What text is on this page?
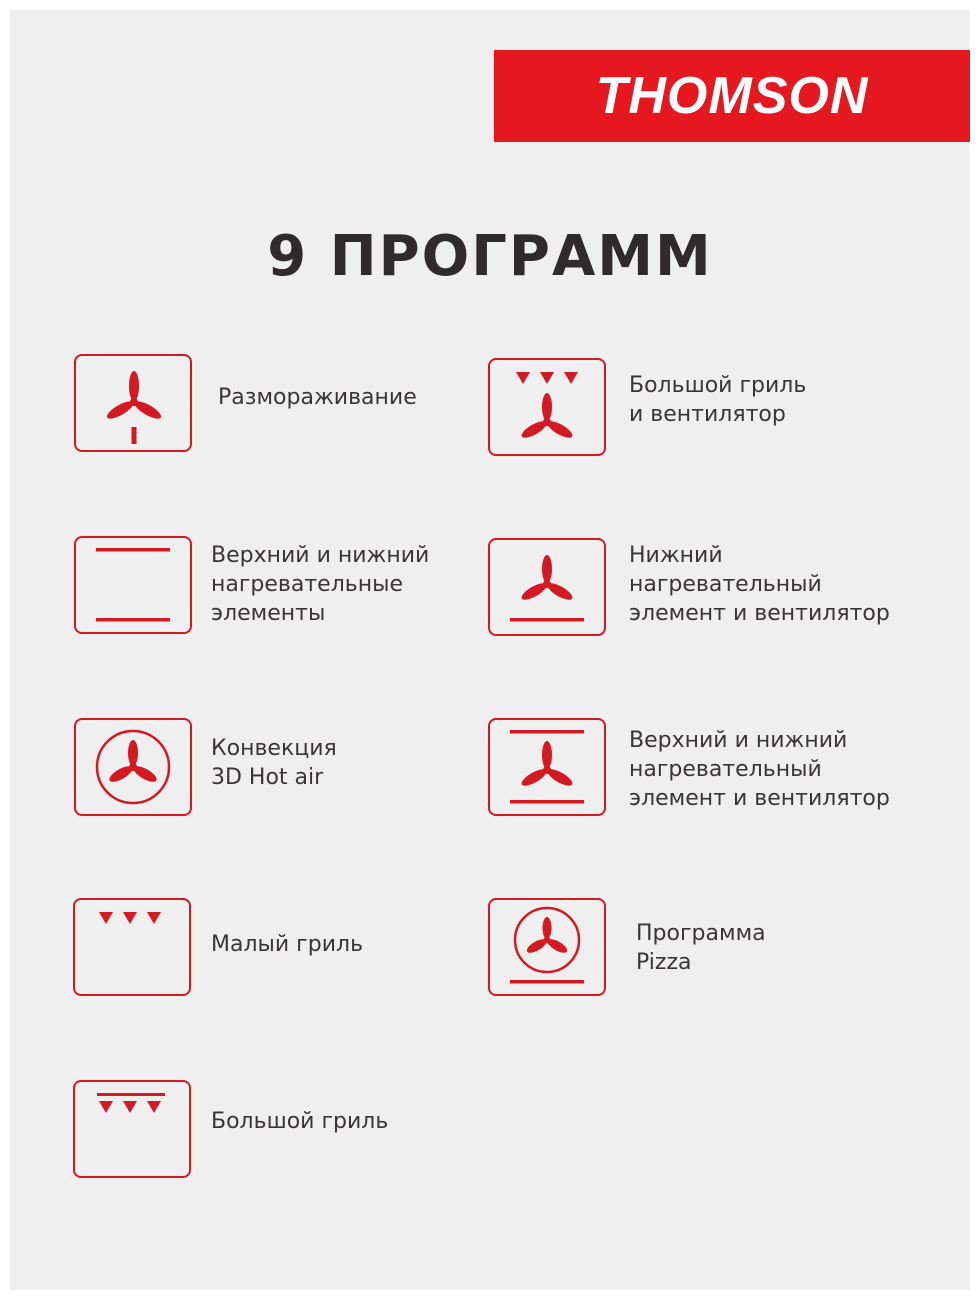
THOMSON
9 ПРОГРАММ
Размораживание	Большой гриль
и вентилятор
Верхний и нижний
нагревательные
элементы
Нижний
нагревательный
элемент и вентилятор
Конвекция
3D Hot air
Верхний и нижний
нагревательный
элемент и вентилятор
Малый гриль	Программа
Pizza
Большой гриль
